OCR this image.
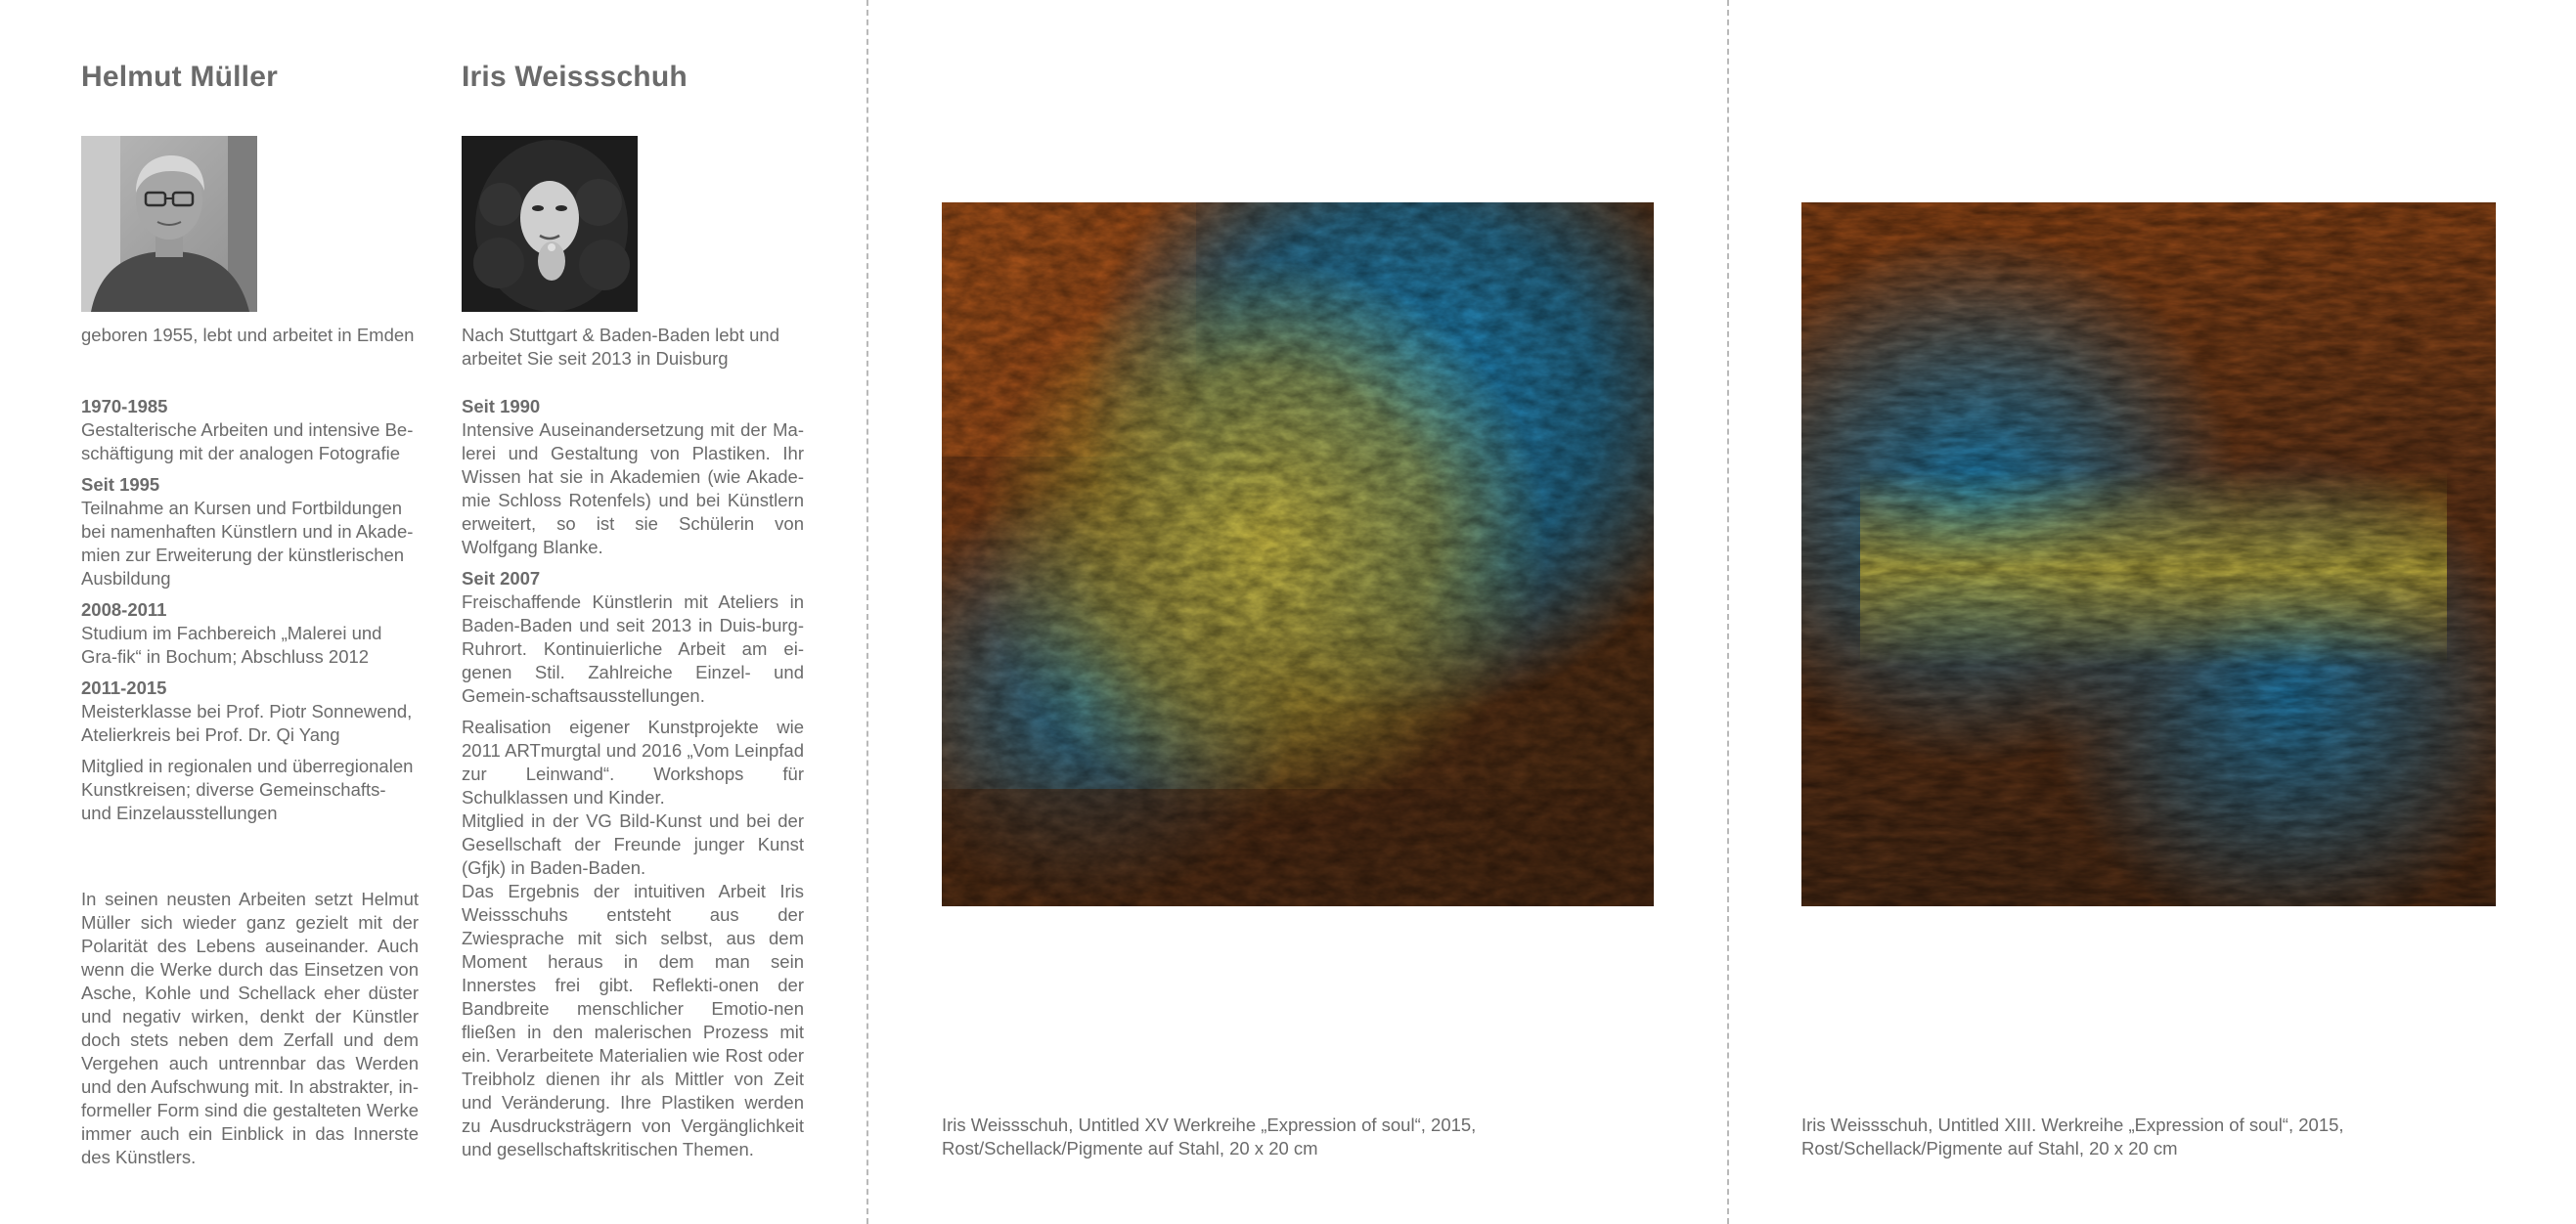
Helmut Müller
geboren 1955, lebt und arbeitet in Emden
1970-1985
Gestalterische Arbeiten und intensive Be-schäftigung mit der analogen Fotografie
Seit 1995
Teilnahme an Kursen und Fortbildungen bei namenhaften Künstlern und in Akade-mien zur Erweiterung der künstlerischen Ausbildung
2008-2011
Studium im Fachbereich „Malerei und Gra-fik“ in Bochum; Abschluss 2012
2011-2015
Meisterklasse bei Prof. Piotr Sonnewend, Atelierkreis bei Prof. Dr. Qi Yang

Mitglied in regionalen und überregionalen Kunstkreisen; diverse Gemeinschafts- und Einzelausstellungen

In seinen neusten Arbeiten setzt Helmut Müller sich wieder ganz gezielt mit der Polarität des Lebens auseinander. Auch wenn die Werke durch das Einsetzen von Asche, Kohle und Schellack eher düster und negativ wirken, denkt der Künstler doch stets neben dem Zerfall und dem Vergehen auch untrennbar das Werden und den Aufschwung mit. In abstrakter, in-formeller Form sind die gestalteten Werke immer auch ein Einblick in das Innerste des Künstlers.
Iris Weissschuh
Nach Stuttgart & Baden-Baden lebt und arbeitet Sie seit 2013 in Duisburg
Seit 1990
Intensive Auseinandersetzung mit der Ma-lerei und Gestaltung von Plastiken. Ihr Wissen hat sie in Akademien (wie Akade-mie Schloss Rotenfels) und bei Künstlern erweitert, so ist sie Schülerin von Wolfgang Blanke.
Seit 2007
Freischaffende Künstlerin mit Ateliers in Baden-Baden und seit 2013 in Duis-burg-Ruhrort. Kontinuierliche Arbeit am ei-genen Stil. Zahlreiche Einzel- und Gemein-schaftsausstellungen.

Realisation eigener Kunstprojekte wie 2011 ARTmurgtal und 2016 „Vom Leinpfad zur Leinwand“. Workshops für Schulklassen und Kinder.

Mitglied in der VG Bild-Kunst und bei der Gesellschaft der Freunde junger Kunst (Gfjk) in Baden-Baden.

Das Ergebnis der intuitiven Arbeit Iris Weissschuhs entsteht aus der Zwiesprache mit sich selbst, aus dem Moment heraus in dem man sein Innerstes frei gibt. Reflekti-onen der Bandbreite menschlicher Emotio-nen fließen in den malerischen Prozess mit ein. Verarbeitete Materialien wie Rost oder Treibholz dienen ihr als Mittler von Zeit und Veränderung. Ihre Plastiken werden zu Ausdrucksträgern von Vergänglichkeit und gesellschaftskritischen Themen.

Iris Weissschuh, Untitled XV Werkreihe „Expression of soul“, 2015,
Rost/Schellack/Pigmente auf Stahl, 20 x 20 cm
Iris Weissschuh, Untitled XIII. Werkreihe „Expression of soul“, 2015,
Rost/Schellack/Pigmente auf Stahl, 20 x 20 cm
